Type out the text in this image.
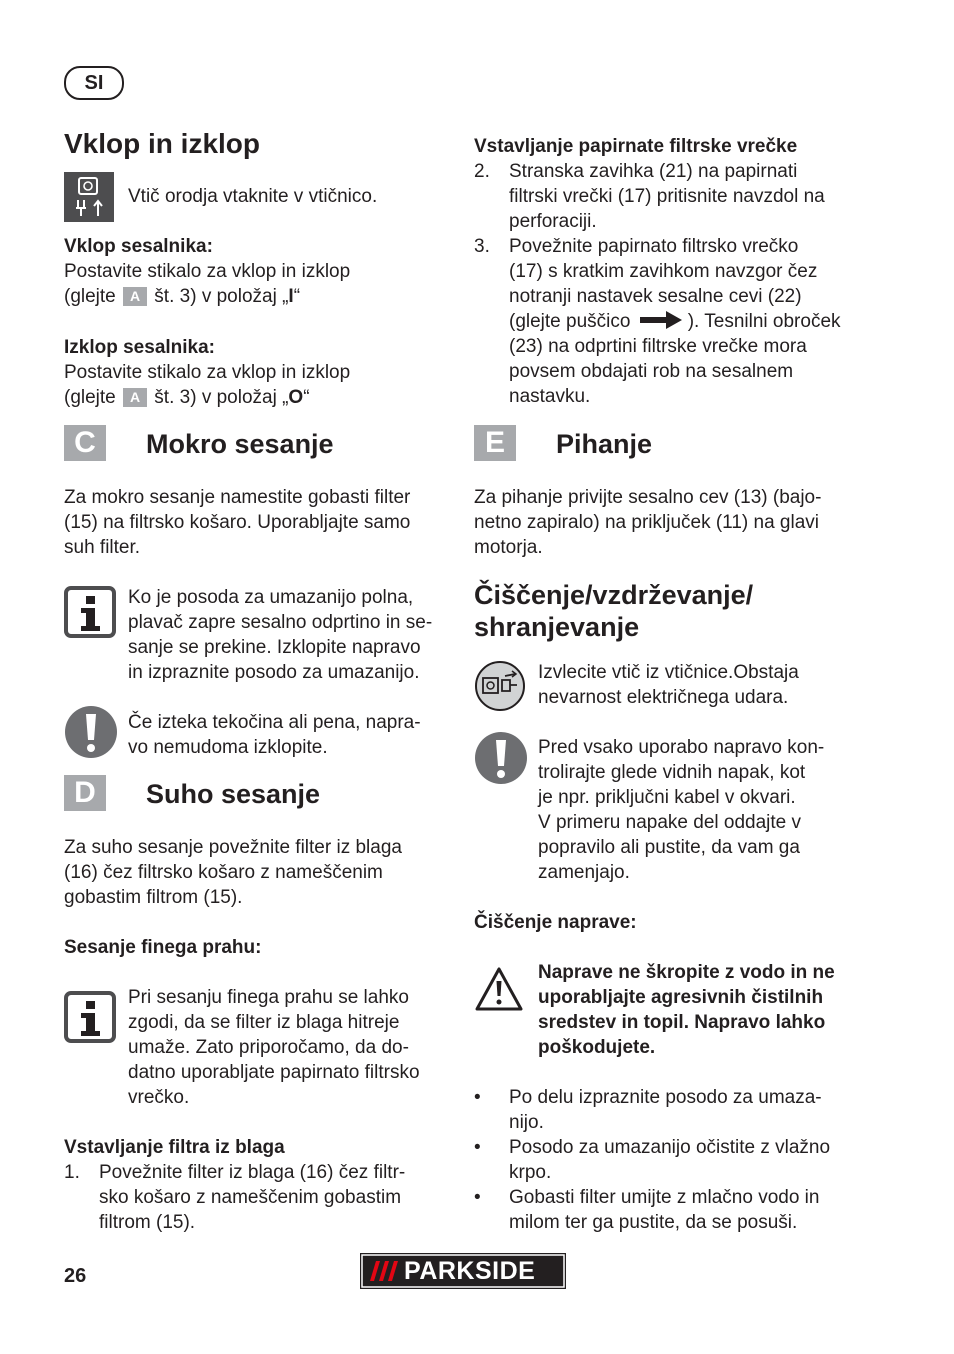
SI
Vklop in izklop
Vtič orodja vtaknite v vtičnico.
Vklop sesalnika:

Postavite stikalo za vklop in izklop

(glejte A št. 3) v položaj „I“

Izklop sesalnika:

Postavite stikalo za vklop in izklop

(glejte A št. 3) v položaj „O“

C	Mokro sesanje

Za mokro sesanje namestite gobasti filter

(15) na filtrsko košaro. Uporabljajte samo

suh filter.

Ko je posoda za umazanijo polna,

plavač zapre sesalno odprtino in se-

sanje se prekine. Izklopite napravo

in izpraznite posodo za umazanijo.

Če izteka tekočina ali pena, napra-

vo nemudoma izklopite.

D	Suho sesanje

Za suho sesanje povežnite filter iz blaga

(16) čez filtrsko košaro z nameščenim

gobastim filtrom (15).

Sesanje finega prahu:

Pri sesanju finega prahu se lahko

zgodi, da se filter iz blaga hitreje

umaže. Zato priporočamo, da do-

datno uporabljate papirnato filtrsko

vrečko.

Vstavljanje filtra iz blaga
1.	Povežnite filter iz blaga (16) čez filtr-

sko košaro z nameščenim gobastim

filtrom (15).

Vstavljanje papirnate filtrske vrečke
2.	Stranska zavihka (21) na papirnati

filtrski vrečki (17) pritisnite navzdol na

perforaciji.

3.	Povežnite papirnato filtrsko vrečko

(17) s kratkim zavihkom navzgor čez

notranji nastavek sesalne cevi (22)

(glejte puščico	). Tesnilni obroček

(23) na odprtini filtrske vrečke mora

povsem obdajati rob na sesalnem

nastavku.

E	Pihanje

Za pihanje privijte sesalno cev (13) (bajo-

netno zapiralo) na priključek (11) na glavi

motorja.

Čiščenje/vzdrževanje/

shranjevanje

Izvlecite vtič iz vtičnice.Obstaja

nevarnost električnega udara.

Pred vsako uporabo napravo kon-

trolirajte glede vidnih napak, kot

je npr. priključni kabel v okvari.

V primeru napake del oddajte v

popravilo ali pustite, da vam ga

zamenjajo.

Čiščenje naprave:

Naprave ne škropite z vodo in ne

uporabljajte agresivnih čistilnih

sredstev in topil. Napravo lahko

poškodujete.

•	Po delu izpraznite posodo za umaza-

nijo.

•	Posodo za umazanijo očistite z vlažno

krpo.

•	Gobasti filter umijte z mlačno vodo in

milom ter ga pustite, da se posuši.

26	PARKSIDE
